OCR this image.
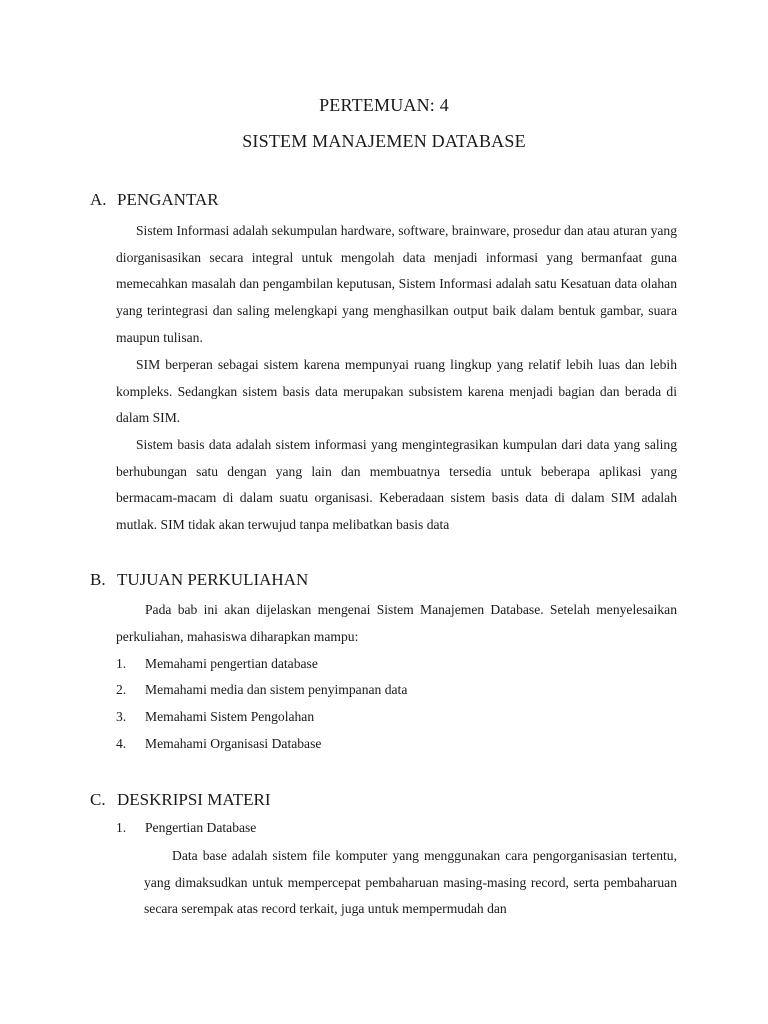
PERTEMUAN: 4
SISTEM MANAJEMEN DATABASE
A. PENGANTAR

Sistem Informasi adalah sekumpulan hardware, software, brainware, prosedur dan atau aturan yang diorganisasikan secara integral untuk mengolah data menjadi informasi yang bermanfaat guna memecahkan masalah dan pengambilan keputusan, Sistem Informasi adalah satu Kesatuan data olahan yang terintegrasi dan saling melengkapi yang menghasilkan output baik dalam bentuk gambar, suara maupun tulisan.

SIM berperan sebagai sistem karena mempunyai ruang lingkup yang relatif lebih luas dan lebih kompleks. Sedangkan sistem basis data merupakan subsistem karena menjadi bagian dan berada di dalam SIM.

Sistem basis data adalah sistem informasi yang mengintegrasikan kumpulan dari data yang saling berhubungan satu dengan yang lain dan membuatnya tersedia untuk beberapa aplikasi yang bermacam-macam di dalam suatu organisasi. Keberadaan sistem basis data di dalam SIM adalah mutlak. SIM tidak akan terwujud tanpa melibatkan basis data

B. TUJUAN PERKULIAHAN

Pada bab ini akan dijelaskan mengenai Sistem Manajemen Database. Setelah menyelesaikan perkuliahan, mahasiswa diharapkan mampu:

1. Memahami pengertian database
2. Memahami media dan sistem penyimpanan data
3. Memahami Sistem Pengolahan
4. Memahami Organisasi Database
C. DESKRIPSI MATERI
1. Pengertian Database

Data base adalah sistem file komputer yang menggunakan cara pengorganisasian tertentu, yang dimaksudkan untuk mempercepat pembaharuan masing-masing record, serta pembaharuan secara serempak atas record terkait, juga untuk mempermudah dan
